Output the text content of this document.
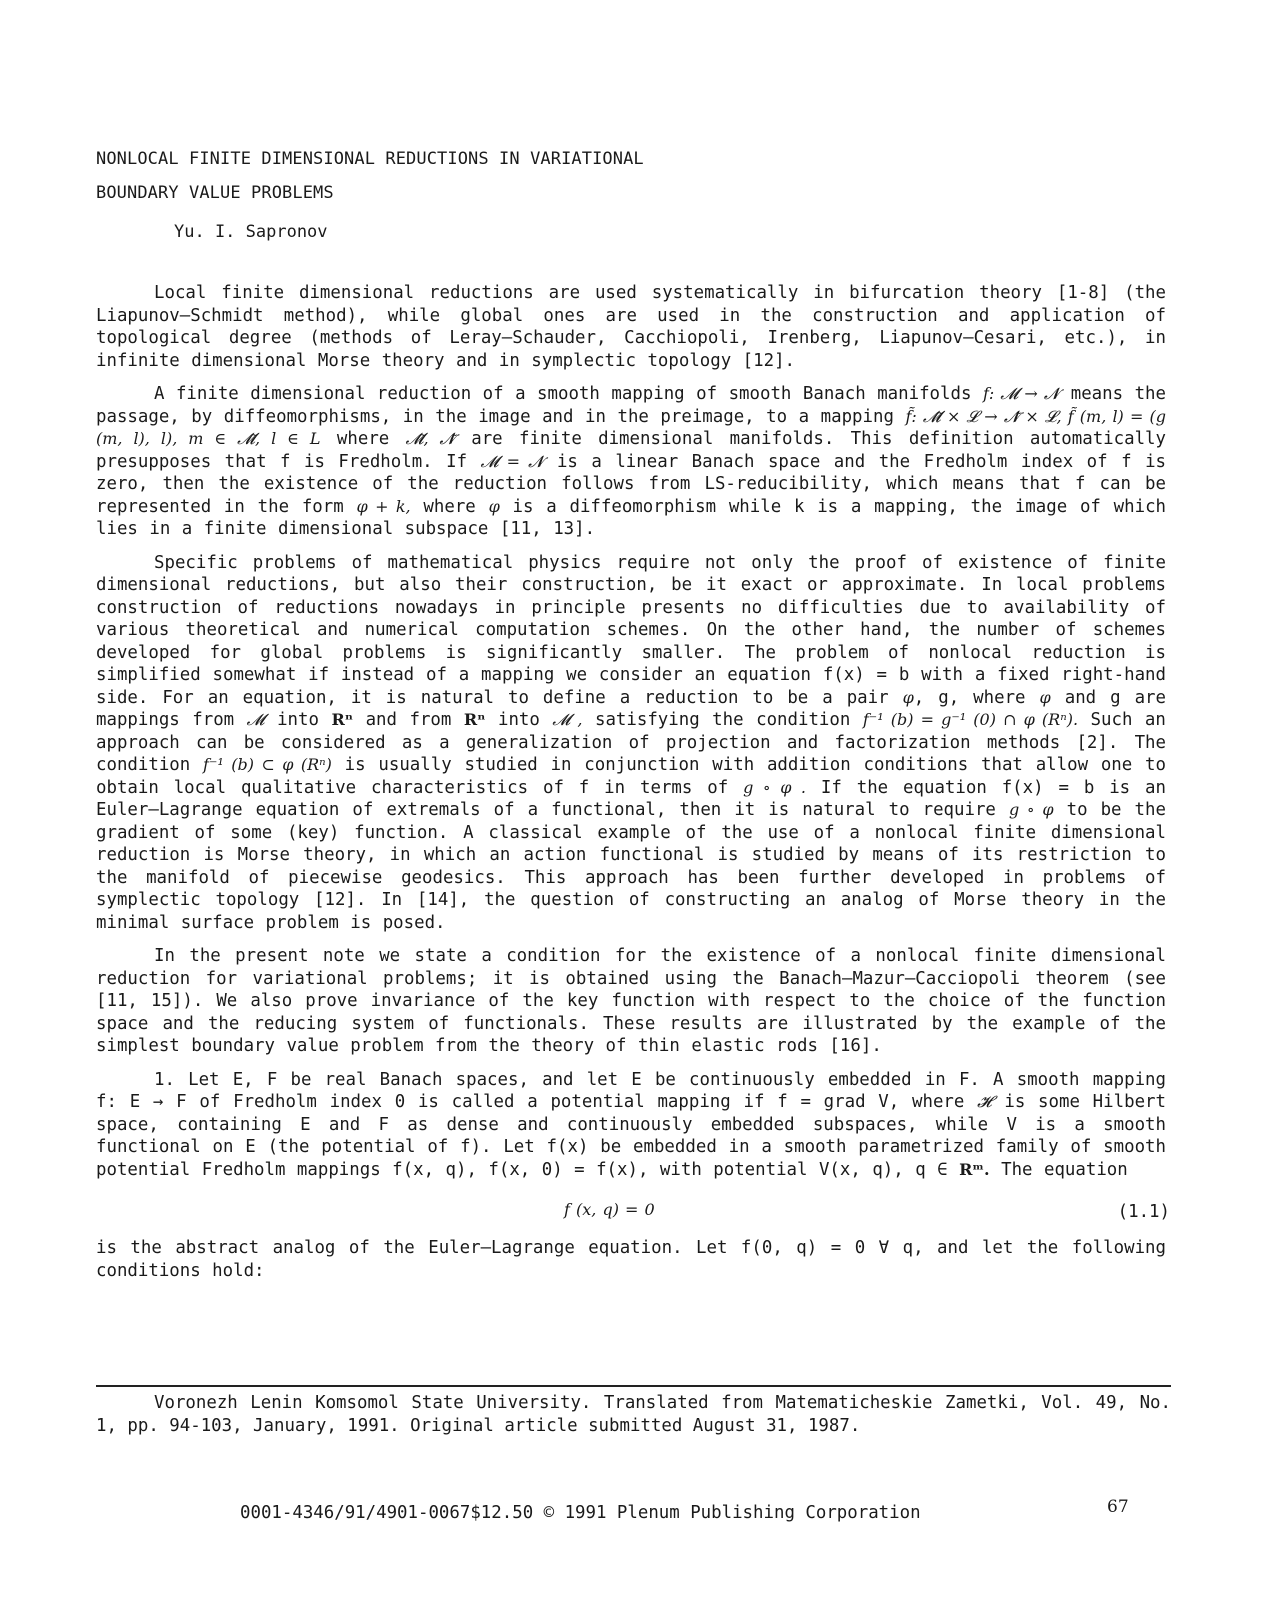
NONLOCAL FINITE DIMENSIONAL REDUCTIONS IN VARIATIONAL
BOUNDARY VALUE PROBLEMS
Yu. I. Sapronov

Local finite dimensional reductions are used systematically in bifurcation theory [1-8] (the Liapunov–Schmidt method), while global ones are used in the construction and application of topological degree (methods of Leray–Schauder, Cacchiopoli, Irenberg, Liapunov–Cesari, etc.), in infinite dimensional Morse theory and in symplectic topology [12].

A finite dimensional reduction of a smooth mapping of smooth Banach manifolds f: 𝓜 → 𝓝 means the passage, by diffeomorphisms, in the image and in the preimage, to a mapping f̃: 𝓜̃ × 𝓛 → 𝓝̃ × 𝓛, f̃ (m, l) = (g (m, l), l), m ∈ 𝓜̃, l ∈ L where 𝓜̃, 𝓝̃ are finite dimensional manifolds. This definition automatically presupposes that f is Fredholm. If 𝓜 = 𝓝 is a linear Banach space and the Fredholm index of f is zero, then the existence of the reduction follows from LS-reducibility, which means that f can be represented in the form φ + k, where φ is a diffeomorphism while k is a mapping, the image of which lies in a finite dimensional subspace [11, 13].

Specific problems of mathematical physics require not only the proof of existence of finite dimensional reductions, but also their construction, be it exact or approximate. In local problems construction of reductions nowadays in principle presents no difficulties due to availability of various theoretical and numerical computation schemes. On the other hand, the number of schemes developed for global problems is significantly smaller. The problem of nonlocal reduction is simplified somewhat if instead of a mapping we consider an equation f(x) = b with a fixed right-hand side. For an equation, it is natural to define a reduction to be a pair φ, g, where φ and g are mappings from 𝓜 into Rⁿ and from Rⁿ into 𝓜 , satisfying the condition f⁻¹ (b) = g⁻¹ (0) ∩ φ (Rⁿ). Such an approach can be considered as a generalization of projection and factorization methods [2]. The condition f⁻¹ (b) ⊂ φ (Rⁿ) is usually studied in conjunction with addition conditions that allow one to obtain local qualitative characteristics of f in terms of g ∘ φ . If the equation f(x) = b is an Euler–Lagrange equation of extremals of a functional, then it is natural to require g ∘ φ to be the gradient of some (key) function. A classical example of the use of a nonlocal finite dimensional reduction is Morse theory, in which an action functional is studied by means of its restriction to the manifold of piecewise geodesics. This approach has been further developed in problems of symplectic topology [12]. In [14], the question of constructing an analog of Morse theory in the minimal surface problem is posed.

In the present note we state a condition for the existence of a nonlocal finite dimensional reduction for variational problems; it is obtained using the Banach–Mazur–Cacciopoli theorem (see [11, 15]). We also prove invariance of the key function with respect to the choice of the function space and the reducing system of functionals. These results are illustrated by the example of the simplest boundary value problem from the theory of thin elastic rods [16].

1. Let E, F be real Banach spaces, and let E be continuously embedded in F. A smooth mapping f: E → F of Fredholm index 0 is called a potential mapping if f = grad V, where 𝓗 is some Hilbert space, containing E and F as dense and continuously embedded subspaces, while V is a smooth functional on E (the potential of f). Let f(x) be embedded in a smooth parametrized family of smooth potential Fredholm mappings f(x, q), f(x, 0) = f(x), with potential V(x, q), q ∈ Rᵐ. The equation

f (x, q) = 0	(1.1)

is the abstract analog of the Euler–Lagrange equation. Let f(0, q) = 0 ∀ q, and let the following conditions hold:

Voronezh Lenin Komsomol State University. Translated from Matematicheskie Zametki, Vol. 49, No. 1, pp. 94-103, January, 1991. Original article submitted August 31, 1987.
0001-4346/91/4901-0067$12.50 © 1991 Plenum Publishing Corporation	67
